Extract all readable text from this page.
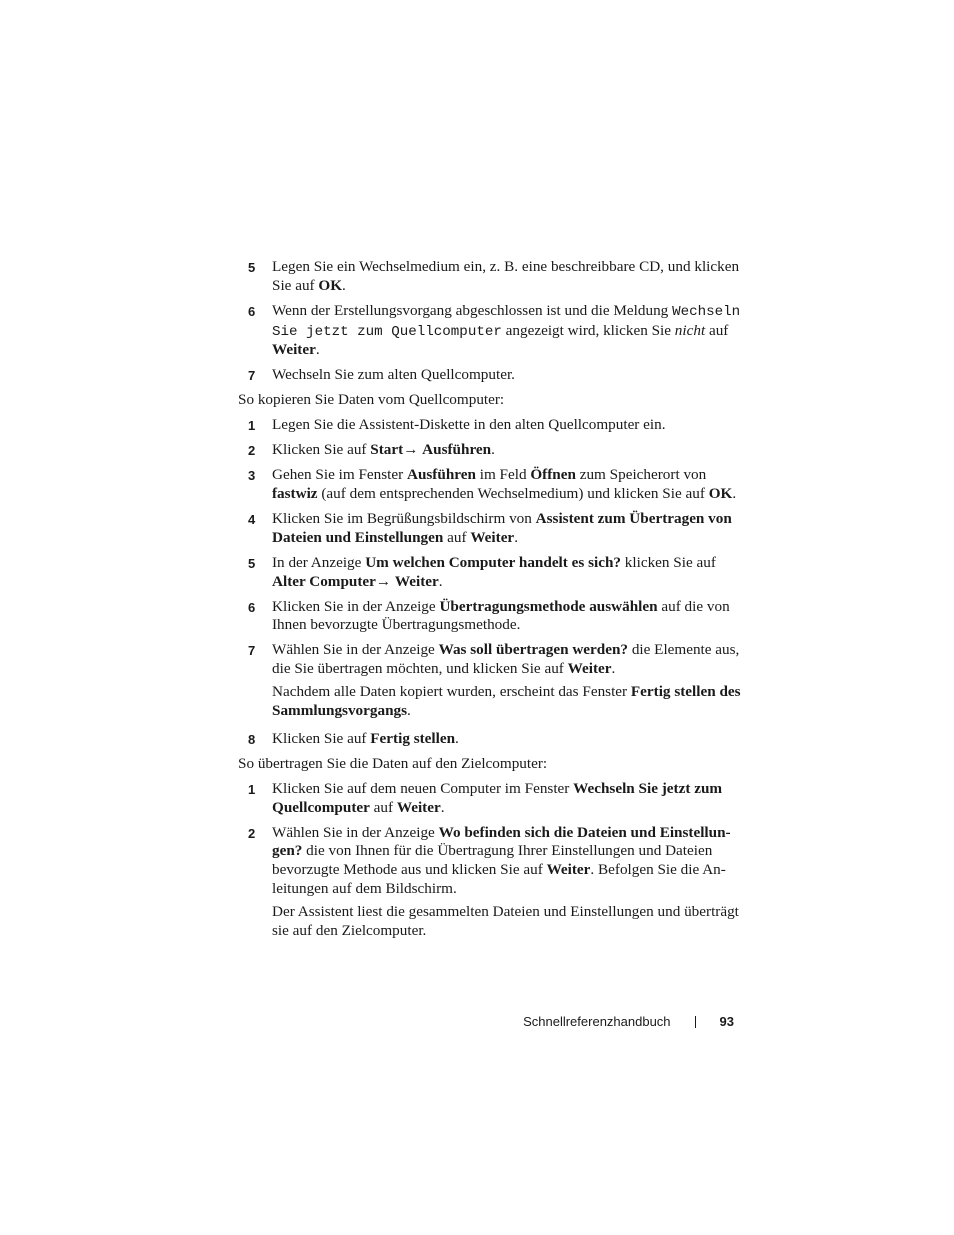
5 Legen Sie ein Wechselmedium ein, z. B. eine beschreibbare CD, und klicken Sie auf OK.
6 Wenn der Erstellungsvorgang abgeschlossen ist und die Meldung Wechseln Sie jetzt zum Quellcomputer angezeigt wird, klicken Sie nicht auf Weiter.
7 Wechseln Sie zum alten Quellcomputer.
So kopieren Sie Daten vom Quellcomputer:
1 Legen Sie die Assistent-Diskette in den alten Quellcomputer ein.
2 Klicken Sie auf Start→ Ausführen.
3 Gehen Sie im Fenster Ausführen im Feld Öffnen zum Speicherort von fastwiz (auf dem entsprechenden Wechselmedium) und klicken Sie auf OK.
4 Klicken Sie im Begrüßungsbildschirm von Assistent zum Übertragen von Dateien und Einstellungen auf Weiter.
5 In der Anzeige Um welchen Computer handelt es sich? klicken Sie auf Alter Computer→ Weiter.
6 Klicken Sie in der Anzeige Übertragungsmethode auswählen auf die von Ihnen bevorzugte Übertragungsmethode.
7 Wählen Sie in der Anzeige Was soll übertragen werden? die Elemente aus, die Sie übertragen möchten, und klicken Sie auf Weiter.
Nachdem alle Daten kopiert wurden, erscheint das Fenster Fertig stellen des Sammlungsvorgangs.
8 Klicken Sie auf Fertig stellen.
So übertragen Sie die Daten auf den Zielcomputer:
1 Klicken Sie auf dem neuen Computer im Fenster Wechseln Sie jetzt zum Quellcomputer auf Weiter.
2 Wählen Sie in der Anzeige Wo befinden sich die Dateien und Einstellun-gen? die von Ihnen für die Übertragung Ihrer Einstellungen und Dateien bevorzugte Methode aus und klicken Sie auf Weiter. Befolgen Sie die An-leitungen auf dem Bildschirm.
Der Assistent liest die gesammelten Dateien und Einstellungen und überträgt sie auf den Zielcomputer.
Schnellreferenzhandbuch	93
